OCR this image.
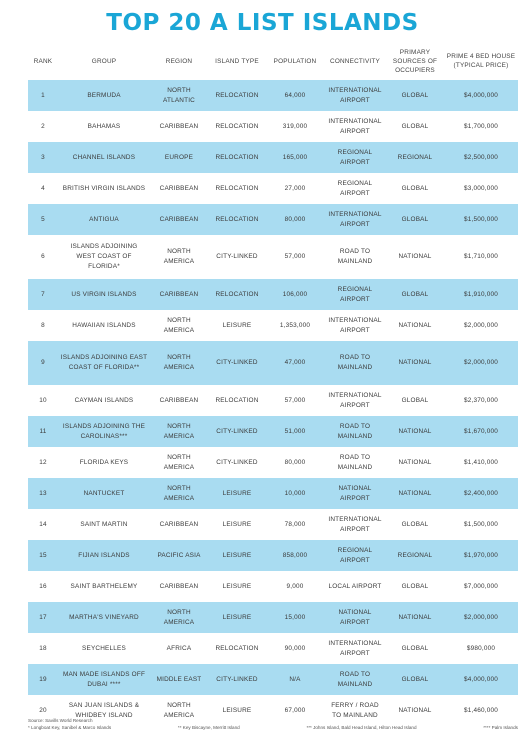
TOP 20 A LIST ISLANDS
RANK	GROUP	REGION	ISLAND TYPE	POPULATION	CONNECTIVITY	PRIMARY SOURCES OF OCCUPIERS	PRIME 4 BED HOUSE (TYPICAL PRICE)
1	BERMUDA	NORTH ATLANTIC	RELOCATION	64,000	INTERNATIONAL AIRPORT	GLOBAL	$4,000,000
2	BAHAMAS	CARIBBEAN	RELOCATION	319,000	INTERNATIONAL AIRPORT	GLOBAL	$1,700,000
3	CHANNEL ISLANDS	EUROPE	RELOCATION	165,000	REGIONAL AIRPORT	REGIONAL	$2,500,000
4	BRITISH VIRGIN ISLANDS	CARIBBEAN	RELOCATION	27,000	REGIONAL AIRPORT	GLOBAL	$3,000,000
5	ANTIGUA	CARIBBEAN	RELOCATION	80,000	INTERNATIONAL AIRPORT	GLOBAL	$1,500,000
6	ISLANDS ADJOINING WEST COAST OF FLORIDA*	NORTH AMERICA	CITY-LINKED	57,000	ROAD TO MAINLAND	NATIONAL	$1,710,000
7	US VIRGIN ISLANDS	CARIBBEAN	RELOCATION	106,000	REGIONAL AIRPORT	GLOBAL	$1,910,000
8	HAWAIIAN ISLANDS	NORTH AMERICA	LEISURE	1,353,000	INTERNATIONAL AIRPORT	NATIONAL	$2,000,000
9	ISLANDS ADJOINING EAST COAST OF FLORIDA**	NORTH AMERICA	CITY-LINKED	47,000	ROAD TO MAINLAND	NATIONAL	$2,000,000
10	CAYMAN ISLANDS	CARIBBEAN	RELOCATION	57,000	INTERNATIONAL AIRPORT	GLOBAL	$2,370,000
11	ISLANDS ADJOINING THE CAROLINAS***	NORTH AMERICA	CITY-LINKED	51,000	ROAD TO MAINLAND	NATIONAL	$1,670,000
12	FLORIDA KEYS	NORTH AMERICA	CITY-LINKED	80,000	ROAD TO MAINLAND	NATIONAL	$1,410,000
13	NANTUCKET	NORTH AMERICA	LEISURE	10,000	NATIONAL AIRPORT	NATIONAL	$2,400,000
14	SAINT MARTIN	CARIBBEAN	LEISURE	78,000	INTERNATIONAL AIRPORT	GLOBAL	$1,500,000
15	FIJIAN ISLANDS	PACIFIC ASIA	LEISURE	858,000	REGIONAL AIRPORT	REGIONAL	$1,970,000
16	SAINT BARTHELEMY	CARIBBEAN	LEISURE	9,000	LOCAL AIRPORT	GLOBAL	$7,000,000
17	MARTHA'S VINEYARD	NORTH AMERICA	LEISURE	15,000	NATIONAL AIRPORT	NATIONAL	$2,000,000
18	SEYCHELLES	AFRICA	RELOCATION	90,000	INTERNATIONAL AIRPORT	GLOBAL	$980,000
19	MAN MADE ISLANDS OFF DUBAI ****	MIDDLE EAST	CITY-LINKED	N/A	ROAD TO MAINLAND	GLOBAL	$4,000,000
20	SAN JUAN ISLANDS & WHIDBEY ISLAND	NORTH AMERICA	LEISURE	67,000	FERRY / ROAD TO MAINLAND	NATIONAL	$1,460,000
Source: Savills World Research
* Longboat Key, Sanibel & Marco Islands	** Key Biscayne, Merritt Island	*** Johns Island, Bald Head Island, Hilton Head Island	**** Palm Islands
